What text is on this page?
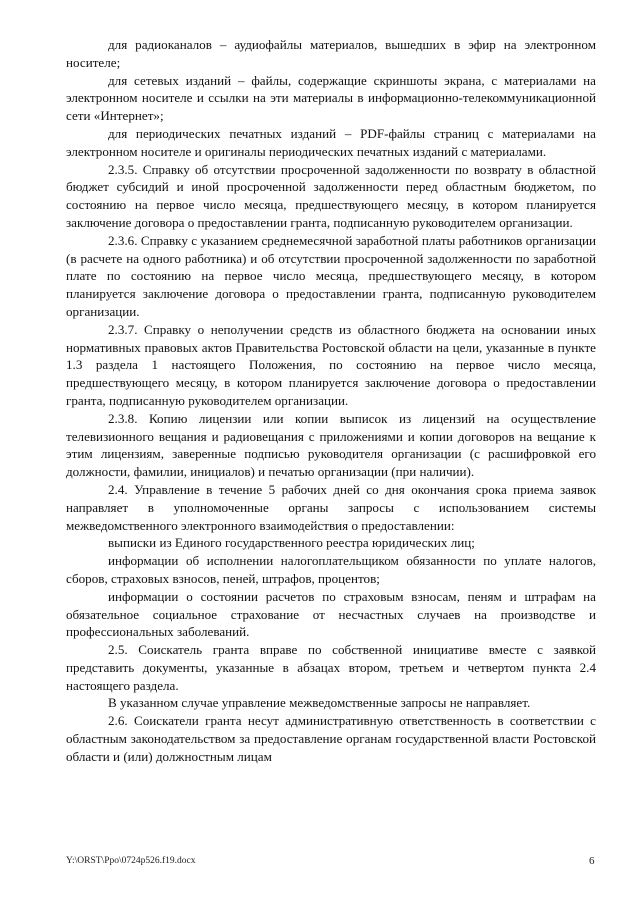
для радиоканалов – аудиофайлы материалов, вышедших в эфир на электронном носителе;

для сетевых изданий – файлы, содержащие скриншоты экрана, с материалами на электронном носителе и ссылки на эти материалы в информационно-телекоммуникационной сети «Интернет»;

для периодических печатных изданий – PDF-файлы страниц с материалами на электронном носителе и оригиналы периодических печатных изданий с материалами.

2.3.5. Справку об отсутствии просроченной задолженности по возврату в областной бюджет субсидий и иной просроченной задолженности перед областным бюджетом, по состоянию на первое число месяца, предшествующего месяцу, в котором планируется заключение договора о предоставлении гранта, подписанную руководителем организации.

2.3.6. Справку с указанием среднемесячной заработной платы работников организации (в расчете на одного работника) и об отсутствии просроченной задолженности по заработной плате по состоянию на первое число месяца, предшествующего месяцу, в котором планируется заключение договора о предоставлении гранта, подписанную руководителем организации.

2.3.7. Справку о неполучении средств из областного бюджета на основании иных нормативных правовых актов Правительства Ростовской области на цели, указанные в пункте 1.3 раздела 1 настоящего Положения, по состоянию на первое число месяца, предшествующего месяцу, в котором планируется заключение договора о предоставлении гранта, подписанную руководителем организации.

2.3.8. Копию лицензии или копии выписок из лицензий на осуществление телевизионного вещания и радиовещания с приложениями и копии договоров на вещание к этим лицензиям, заверенные подписью руководителя организации (с расшифровкой его должности, фамилии, инициалов) и печатью организации (при наличии).

2.4. Управление в течение 5 рабочих дней со дня окончания срока приема заявок направляет в уполномоченные органы запросы с использованием системы межведомственного электронного взаимодействия о предоставлении:

выписки из Единого государственного реестра юридических лиц;

информации об исполнении налогоплательщиком обязанности по уплате налогов, сборов, страховых взносов, пеней, штрафов, процентов;

информации о состоянии расчетов по страховым взносам, пеням и штрафам на обязательное социальное страхование от несчастных случаев на производстве и профессиональных заболеваний.

2.5. Соискатель гранта вправе по собственной инициативе вместе с заявкой представить документы, указанные в абзацах втором, третьем и четвертом пункта 2.4 настоящего раздела.

В указанном случае управление межведомственные запросы не направляет.

2.6. Соискатели гранта несут административную ответственность в соответствии с областным законодательством за предоставление органам государственной власти Ростовской области и (или) должностным лицам

Y:\ORST\Ppo\0724p526.f19.docx	6
